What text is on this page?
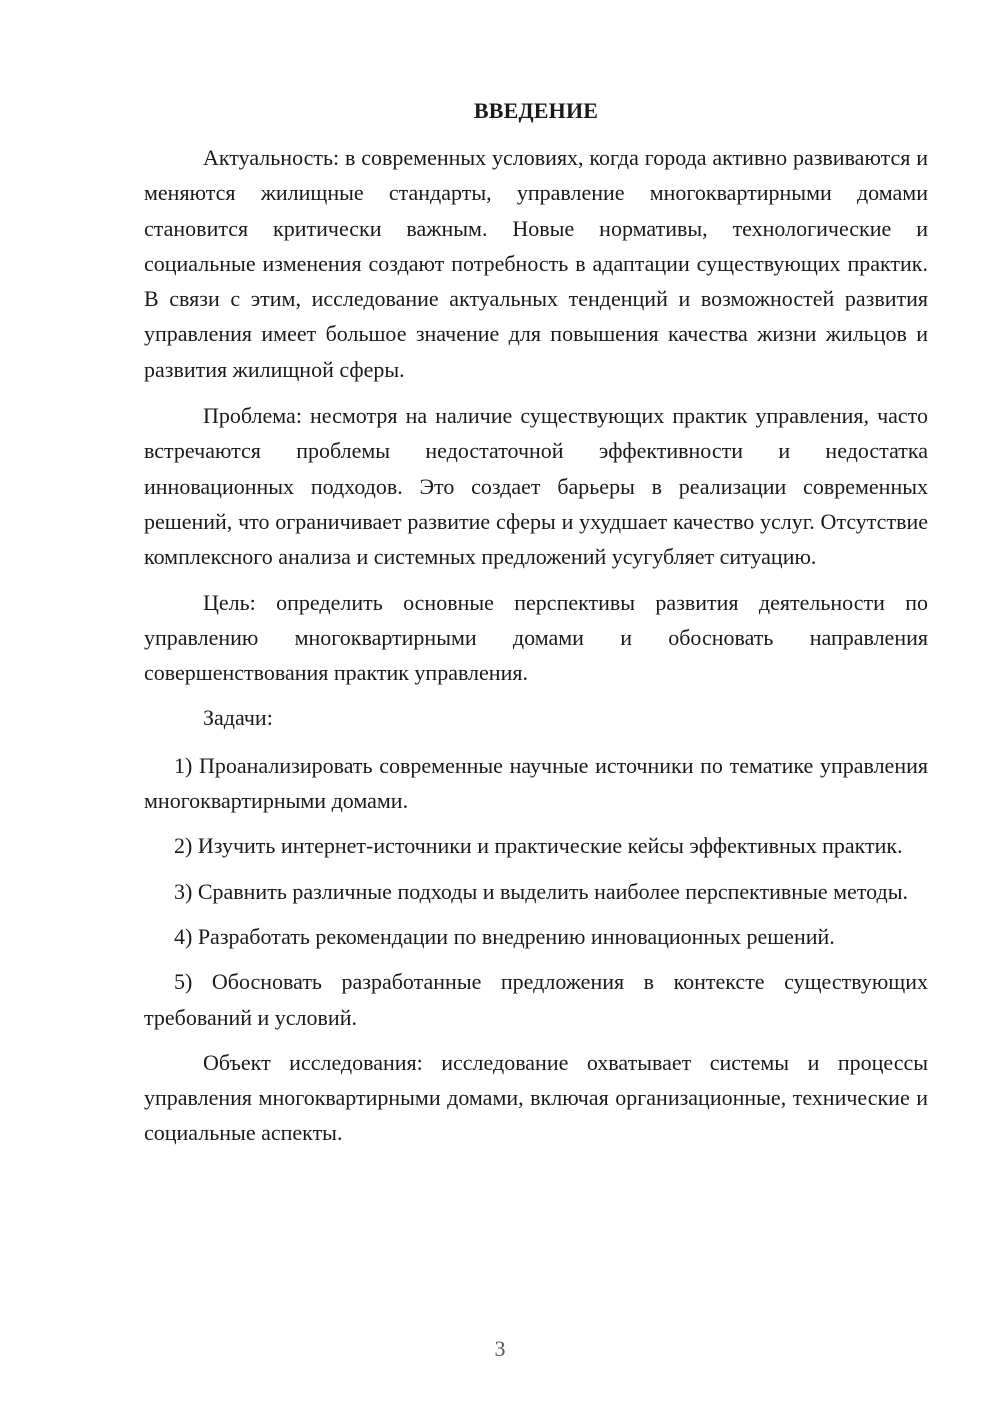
ВВЕДЕНИЕ

Актуальность: в современных условиях, когда города активно развиваются и меняются жилищные стандарты, управление многоквартирными домами становится критически важным. Новые нормативы, технологические и социальные изменения создают потребность в адаптации существующих практик. В связи с этим, исследование актуальных тенденций и возможностей развития управления имеет большое значение для повышения качества жизни жильцов и развития жилищной сферы.

Проблема: несмотря на наличие существующих практик управления, часто встречаются проблемы недостаточной эффективности и недостатка инновационных подходов. Это создает барьеры в реализации современных решений, что ограничивает развитие сферы и ухудшает качество услуг. Отсутствие комплексного анализа и системных предложений усугубляет ситуацию.

Цель: определить основные перспективы развития деятельности по управлению многоквартирными домами и обосновать направления совершенствования практик управления.

Задачи:

1) Проанализировать современные научные источники по тематике управления многоквартирными домами.

2) Изучить интернет-источники и практические кейсы эффективных практик.

3) Сравнить различные подходы и выделить наиболее перспективные методы.

4) Разработать рекомендации по внедрению инновационных решений.

5) Обосновать разработанные предложения в контексте существующих требований и условий.

Объект исследования: исследование охватывает системы и процессы управления многоквартирными домами, включая организационные, технические и социальные аспекты.

3
